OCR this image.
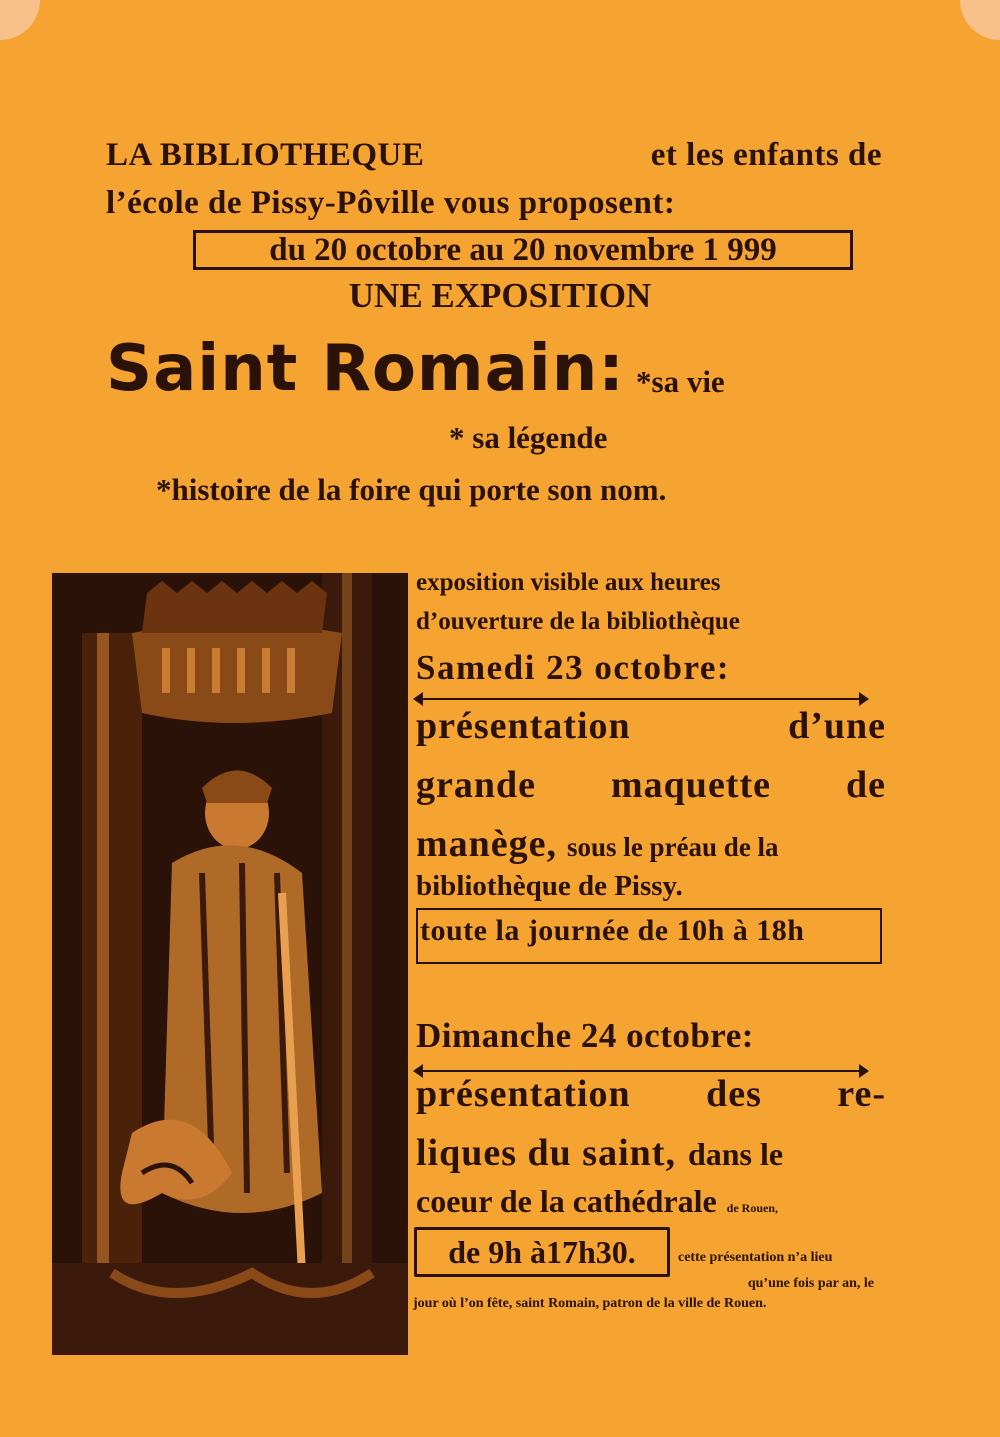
LA BIBLIOTHEQUE	et les enfants de
l’école de Pissy-Pôville vous proposent:
du 20 octobre au 20 novembre 1 999
UNE EXPOSITION
Saint Romain: *sa vie
* sa légende
*histoire de la foire qui porte son nom.
exposition visible aux heures
d’ouverture de la bibliothèque
Samedi 23 octobre:
présentation	d’une
grande maquette de
manège, sous le préau de la
bibliothèque de Pissy.
toute la journée de 10h à 18h
Dimanche 24 octobre:
présentation des re-
liques du saint, dans le
coeur de la cathédrale de Rouen,
de 9h à17h30.	cette présentation n’a lieu
qu’une fois par an, le
jour où l’on fête, saint Romain, patron de la ville de Rouen.
